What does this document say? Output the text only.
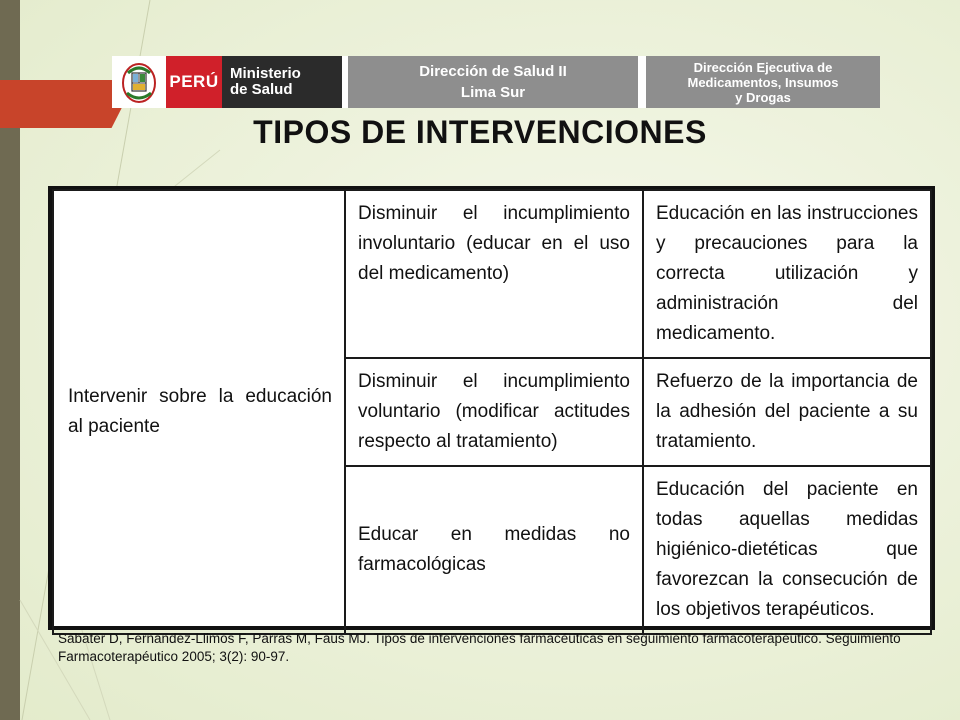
PERÚ Ministerio
de Salud
Dirección de Salud II
Lima Sur
Dirección Ejecutiva de
Medicamentos, Insumos
y Drogas
TIPOS DE INTERVENCIONES
Intervenir sobre la educación al paciente	Disminuir el incumplimiento involuntario (educar en el uso del medicamento)	Educación en las instrucciones y precauciones para la correcta utilización y administración del medicamento.
	Disminuir el incumplimiento voluntario (modificar actitudes respecto al tratamiento)	Refuerzo de la importancia de la adhesión del paciente a su tratamiento.
	Educar en medidas no farmacológicas	Educación del paciente en todas aquellas medidas higiénico-dietéticas que favorezcan la consecución de los objetivos terapéuticos.
Sabater D, Fernandez-Llimos F, Parras M, Faus MJ. Tipos de intervenciones farmacéuticas en seguimiento farmacoterapéutico. Seguimiento Farmacoterapéutico 2005; 3(2): 90-97.
